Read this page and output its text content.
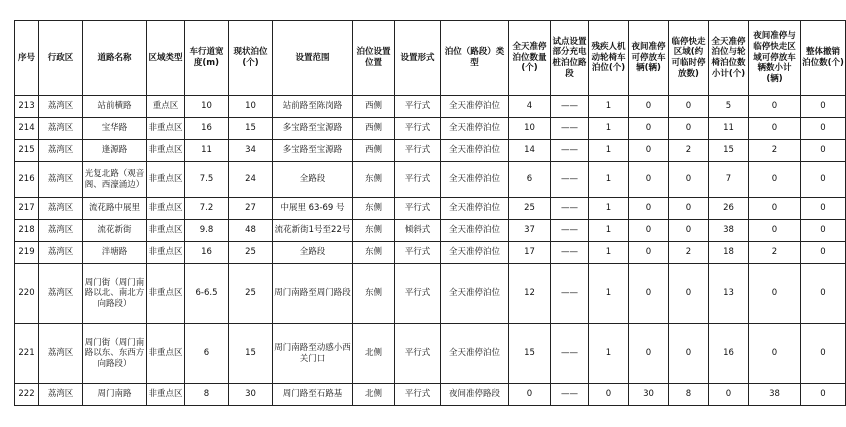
序号	行政区	道路名称	区域类型	车行道宽度(m)	现状泊位(个)	设置范围	泊位设置位置	设置形式	泊位（路段）类型	全天准停泊位数量(个)	试点设置部分充电桩泊位路段	残疾人机动轮椅车泊位(个)	夜间准停可停放车辆(辆)	临停快走区域(约可临时停放数)	全天准停泊位与轮椅泊位数小计(个)	夜间准停与临停快走区域可停放车辆数小计(辆)	整体撤销泊位数(个)
213	荔湾区	站前横路	重点区	10	10	站前路至陈岗路	西侧	平行式	全天准停泊位	4	——	1	0	0	5	0	0
214	荔湾区	宝华路	非重点区	16	15	多宝路至宝源路	西侧	平行式	全天准停泊位	10	——	1	0	0	11	0	0
215	荔湾区	逢源路	非重点区	11	34	多宝路至宝源路	西侧	平行式	全天准停泊位	14	——	1	0	2	15	2	0
216	荔湾区	光复北路（观音阁、西濠涌边）	非重点区	7.5	24	全路段	东侧	平行式	全天准停泊位	6	——	1	0	0	7	0	0
217	荔湾区	流花路中展里	非重点区	7.2	27	中展里 63-69 号	东侧	平行式	全天准停泊位	25	——	1	0	0	26	0	0
218	荔湾区	流花新街	非重点区	9.8	48	流花新街1号至22号	东侧	倾斜式	全天准停泊位	37	——	1	0	0	38	0	0
219	荔湾区	泮塘路	非重点区	16	25	全路段	东侧	平行式	全天准停泊位	17	——	1	0	2	18	2	0
220	荔湾区	周门街（周门南路以北、南北方向路段）	非重点区	6-6.5	25	周门南路至周门路段	东侧	平行式	全天准停泊位	12	——	1	0	0	13	0	0
221	荔湾区	周门街（周门南路以东、东西方向路段）	非重点区	6	15	周门南路至动感小西关门口	北侧	平行式	全天准停泊位	15	——	1	0	0	16	0	0
222	荔湾区	周门南路	非重点区	8	30	周门路至石路基	北侧	平行式	夜间准停路段	0	——	0	30	8	0	38	0
